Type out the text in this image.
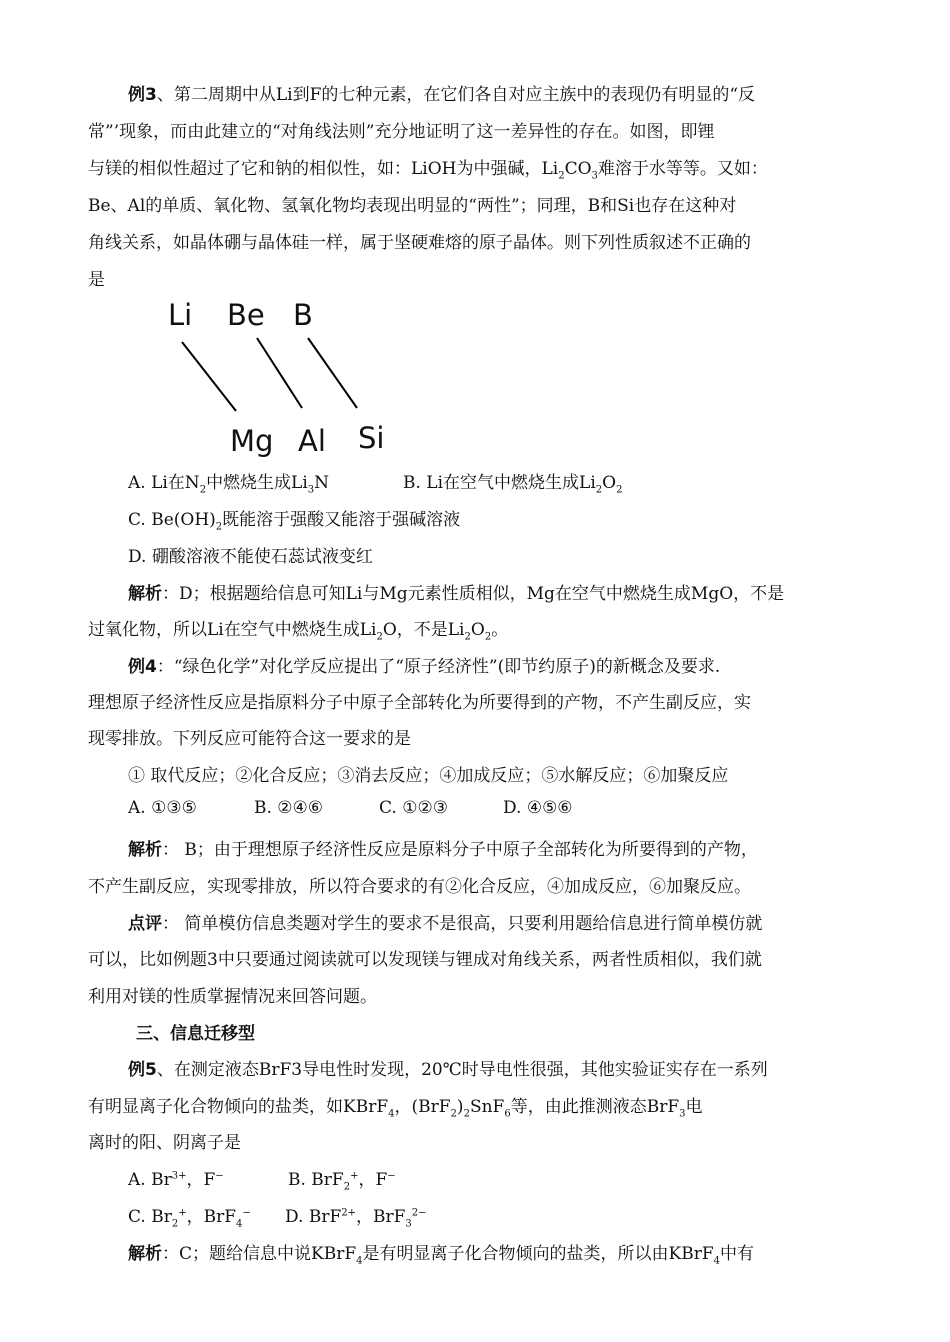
例3、第二周期中从Li到F的七种元素，在它们各自对应主族中的表现仍有明显的“反
常”’现象，而由此建立的“对角线法则”充分地证明了这一差异性的存在。如图，即锂
与镁的相似性超过了它和钠的相似性，如：LiOH为中强碱，$Li_2CO_3$难溶于水等等。又如：
Be、Al的单质、氧化物、氢氧化物均表现出明显的“两性”；同理，B和Si也存在这种对
角线关系，如晶体硼与晶体硅一样，属于坚硬难熔的原子晶体。则下列性质叙述不正确的
是
Li Be B
Mg Al Si
A. Li在$N_2$中燃烧生成$Li_3N$	B. Li在空气中燃烧生成$Li_2O_2$
C. $Be(OH)_2$既能溶于强酸又能溶于强碱溶液
D. 硼酸溶液不能使石蕊试液变红
解析：D；根据题给信息可知Li与Mg元素性质相似，Mg在空气中燃烧生成MgO，不是
过氧化物，所以Li在空气中燃烧生成$Li_2O$，不是$Li_2O_2$。
例4：“绿色化学”对化学反应提出了“原子经济性”(即节约原子)的新概念及要求.
理想原子经济性反应是指原料分子中原子全部转化为所要得到的产物，不产生副反应，实
现零排放。下列反应可能符合这一要求的是
① 取代反应；②化合反应；③消去反应；④加成反应；⑤水解反应；⑥加聚反应
A. ①③⑤	B. ②④⑥	C. ①②③	D. ④⑤⑥
解析： B；由于理想原子经济性反应是原料分子中原子全部转化为所要得到的产物，
不产生副反应，实现零排放，所以符合要求的有②化合反应，④加成反应，⑥加聚反应。
点评： 简单模仿信息类题对学生的要求不是很高，只要利用题给信息进行简单模仿就
可以，比如例题3中只要通过阅读就可以发现镁与锂成对角线关系，两者性质相似，我们就
利用对镁的性质掌握情况来回答问题。
三、信息迁移型
例5、在测定液态BrF3导电性时发现，20℃时导电性很强，其他实验证实存在一系列
有明显离子化合物倾向的盐类，如KBrF$_4$，$(BrF_2)_2SnF_6$等，由此推测液态BrF$_3$电
离时的阳、阴离子是
A. $Br^{3+}$，F−	B. BrF$_2$+，F−
C. $Br_2^+$，BrF$_4$− D. BrF$^{2+}$，BrF$_3^{2-}$
解析：C；题给信息中说KBrF$_4$是有明显离子化合物倾向的盐类，所以由KBrF$_4$中有
